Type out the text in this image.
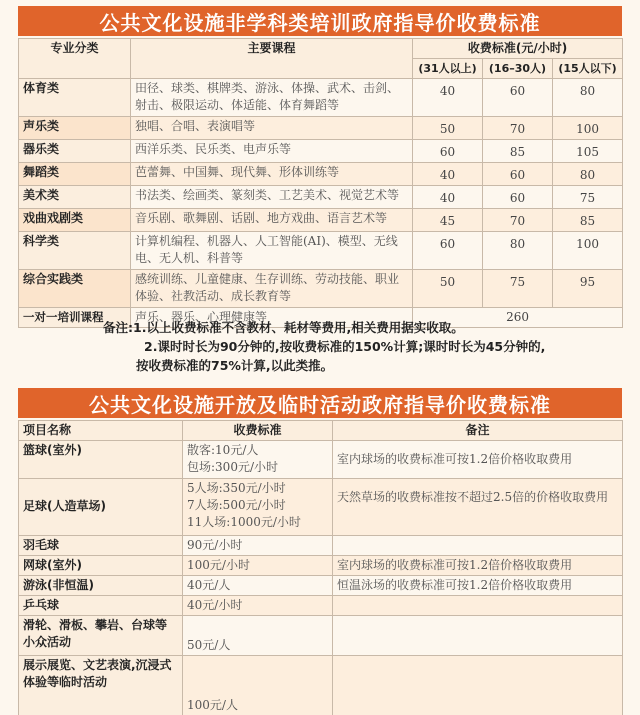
公共文化设施非学科类培训政府指导价收费标准
专业分类	主要课程	收费标准(元/小时)		
		(31人以上)	(16–30人)	(15人以下)
体育类	田径、球类、棋牌类、游泳、体操、武术、击剑、射击、极限运动、体适能、体育舞蹈等	40	60	80
声乐类	独唱、合唱、表演唱等	50	70	100
器乐类	西洋乐类、民乐类、电声乐等	60	85	105
舞蹈类	芭蕾舞、中国舞、现代舞、形体训练等	40	60	80
美术类	书法类、绘画类、篆刻类、工艺美术、视觉艺术等	40	60	75
戏曲戏剧类	音乐剧、歌舞剧、话剧、地方戏曲、语言艺术等	45	70	85
科学类	计算机编程、机器人、人工智能(AI)、模型、无线电、无人机、科普等	60	80	100
综合实践类	感统训练、儿童健康、生存训练、劳动技能、职业体验、社教活动、成长教育等	50	75	95
一对一培训课程	声乐、器乐、心理健康等	260		
备注:1.以上收费标准不含教材、耗材等费用,相关费用据实收取。
2.课时时长为90分钟的,按收费标准的150%计算;课时时长为45分钟的,
按收费标准的75%计算,以此类推。
公共文化设施开放及临时活动政府指导价收费标准
项目名称	收费标准	备注
篮球(室外)	散客:10元/人
包场:300元/小时	室内球场的收费标准可按1.2倍价格收取费用
足球(人造草场)	5人场:350元/小时
7人场:500元/小时
11人场:1000元/小时	天然草场的收费标准按不超过2.5倍的价格收取费用
羽毛球	90元/小时	
网球(室外)	100元/小时	室内球场的收费标准可按1.2倍价格收取费用
游泳(非恒温)	40元/人	恒温泳场的收费标准可按1.2倍价格收取费用
乒乓球	40元/小时	
滑轮、滑板、攀岩、台球等小众活动	50元/人	
展示展览、文艺表演,沉浸式体验等临时活动	100元/人	
